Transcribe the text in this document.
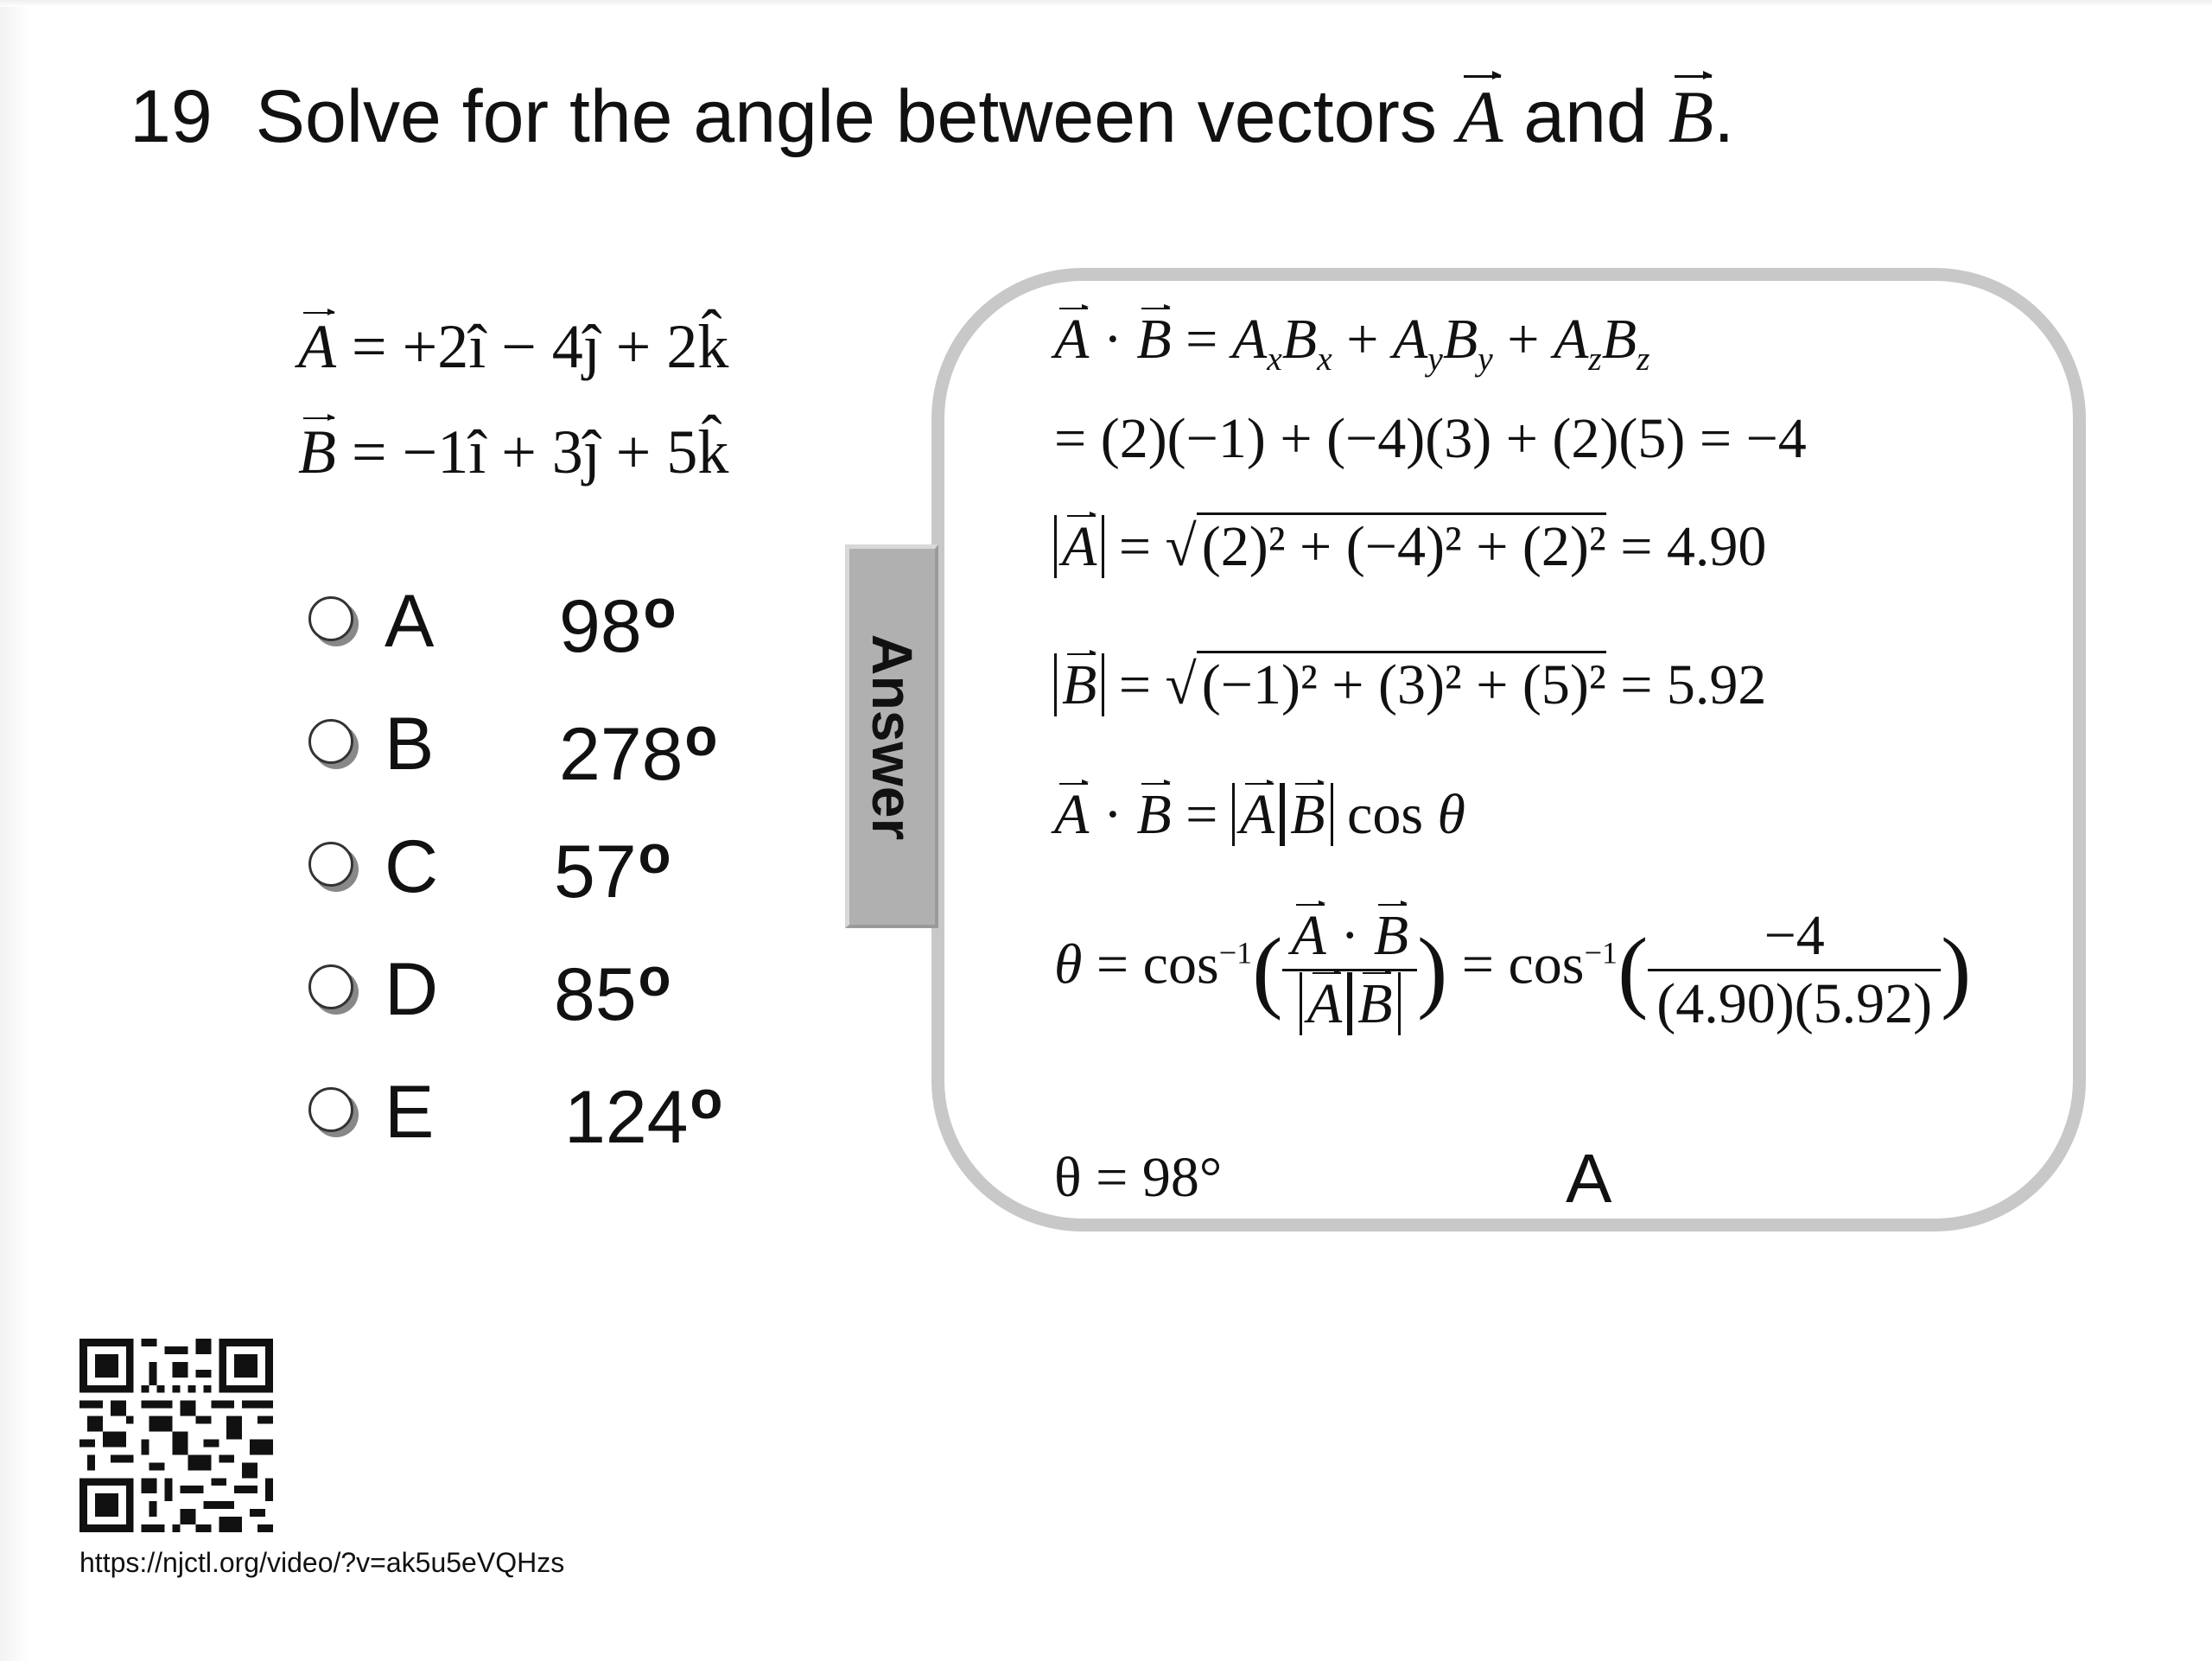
19 Solve for the angle between vectors A and B.
A = +2î − 4ĵ + 2k̂
B = −1î + 3ĵ + 5k̂
A 98$^o$
B 278$^o$
C 57$^o$
D 85$^o$
E 124$^o$
Answer
$A \cdot B = A_xB_x + A_yB_y + A_zB_z$
= (2)(−1) + (−4)(3) + (2)(5) = −4
A = √(2)² + (−4)² + (2)² = 4.90
B = √(−1)² + (3)² + (5)² = 5.92
A · B = A B cos θ
$\theta = \cos^{-1}( \frac{A \cdot B}{\text{A B}}$ ) = $\cos^{-1}( \frac{-4}{(4.90)(5.92)}$ )
θ = 98°	A
https://njctl.org/video/?v=ak5u5eVQHzs
